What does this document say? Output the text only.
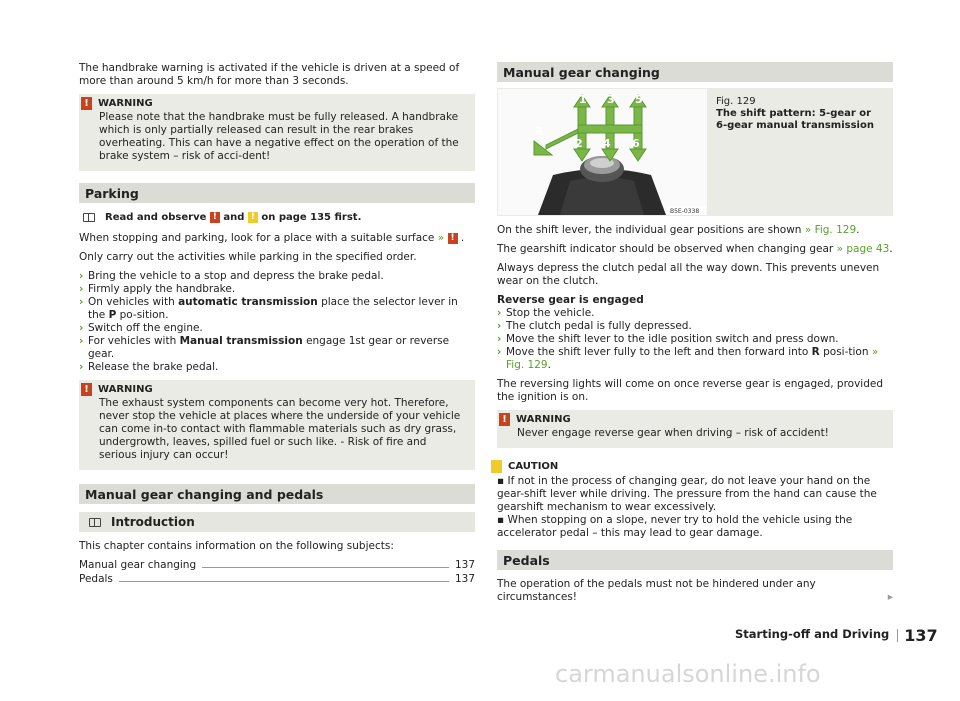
The handbrake warning is activated if the vehicle is driven at a speed of more than around 5 km/h for more than 3 seconds.

! WARNING
Please note that the handbrake must be fully released. A handbrake which is only partially released can result in the rear brakes overheating. This can have a negative effect on the operation of the brake system – risk of acci-dent!
Parking
Read and observe
!
and
!
on page 135 first.

When stopping and parking, look for a place with a suitable surface » ! .

Only carry out the activities while parking in the specified order.

› Bring the vehicle to a stop and depress the brake pedal.
› Firmly apply the handbrake.
› On vehicles with automatic transmission place the selector lever in the P po-sition.
› Switch off the engine.
› For vehicles with Manual transmission engage 1st gear or reverse gear.
› Release the brake pedal.
! WARNING
The exhaust system components can become very hot. Therefore, never stop the vehicle at places where the underside of your vehicle can come in-to contact with flammable materials such as dry grass, undergrowth, leaves, spilled fuel or such like. - Risk of fire and serious injury can occur!
Manual gear changing and pedals
Introduction

This chapter contains information on the following subjects:

Manual gear changing	137
Pedals	137
Manual gear changing
1 3 5
2 4 6
R
B5E-0338
Fig. 129
The shift pattern: 5-gear or 6-gear manual transmission

On the shift lever, the individual gear positions are shown » Fig. 129.

The gearshift indicator should be observed when changing gear » page 43.

Always depress the clutch pedal all the way down. This prevents uneven wear on the clutch.

Reverse gear is engaged
› Stop the vehicle.
› The clutch pedal is fully depressed.
› Move the shift lever to the idle position switch and press down.
› Move the shift lever fully to the left and then forward into R posi-tion » Fig. 129.

The reversing lights will come on once reverse gear is engaged, provided the ignition is on.

! WARNING
Never engage reverse gear when driving – risk of accident!
CAUTION
▪ If not in the process of changing gear, do not leave your hand on the gear-shift lever while driving. The pressure from the hand can cause the gearshift mechanism to wear excessively.
▪ When stopping on a slope, never try to hold the vehicle using the accelerator pedal – this may lead to gear damage.
Pedals

The operation of the pedals must not be hindered under any circumstances!	▸

Starting-off and Driving 137
carmanualsonline.info
